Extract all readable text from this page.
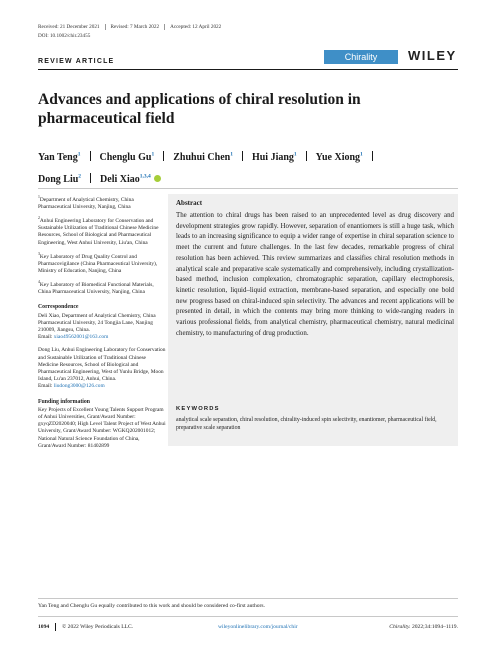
Received: 21 December 2021 Revised: 7 March 2022 Accepted: 12 April 2022
DOI: 10.1002/chir.23455
REVIEW ARTICLE	Chirality	WILEY
Advances and applications of chiral resolution in pharmaceutical field
Yan Teng$^1$ Chenglu Gu$^1$ Zhuhui Chen$^1$ Hui Jiang$^1$ Yue Xiong$^1$
Dong Liu$^2$ Deli Xiao$^{1,3,4}$
$^1$Department of Analytical Chemistry, China Pharmaceutical University, Nanjing, China
$^2$Anhui Engineering Laboratory for Conservation and Sustainable Utilization of Traditional Chinese Medicine Resources, School of Biological and Pharmaceutical Engineering, West Anhui University, Liu'an, China
$^3$Key Laboratory of Drug Quality Control and Pharmacovigilance (China Pharmaceutical University), Ministry of Education, Nanjing, China
$^4$Key Laboratory of Biomedical Functional Materials, China Pharmaceutical University, Nanjing, China
Correspondence
Deli Xiao, Department of Analytical Chemistry, China Pharmaceutical University, 24 Tongjia Lane, Nanjing 210009, Jiangsu, China.
Email: xiao49562001@163.com
Dong Liu, Anhui Engineering Laboratory for Conservation and Sustainable Utilization of Traditional Chinese Medicine Resources, School of Biological and Pharmaceutical Engineering, West of Yunlu Bridge, Moon Island, Lu'an 237012, Anhui, China.
Email: liudong3000@126.com
Funding information
Key Projects of Excellent Young Talents Support Program of Anhui Universities, Grant/Award Number: gxyqZD2020040; High Level Talent Project of West Anhui University, Grant/Award Number: WGKQ202001012; National Natural Science Foundation of China, Grant/Award Number: 81402899
Abstract
The attention to chiral drugs has been raised to an unprecedented level as drug discovery and development strategies grow rapidly. However, separation of enantiomers is still a huge task, which leads to an increasing significance to equip a wider range of expertise in chiral separation science to meet the current and future challenges. In the last few decades, remarkable progress of chiral resolution has been achieved. This review summarizes and classifies chiral resolution methods in analytical scale and preparative scale systematically and comprehensively, including crystallization-based method, inclusion complexation, chromatographic separation, capillary electrophoresis, kinetic resolution, liquid–liquid extraction, membrane-based separation, and especially one bold new progress based on chiral-induced spin selectivity. The advances and recent applications will be presented in detail, in which the contents may bring more thinking to wide-ranging readers in various professional fields, from analytical chemistry, pharmaceutical chemistry, natural medicinal chemistry, to manufacturing of drug production.
KEYWORDS
analytical scale separation, chiral resolution, chirality-induced spin selectivity, enantiomer, pharmaceutical field, preparative scale separation
Yan Teng and Chenglu Gu equally contributed to this work and should be considered co-first authors.
1094 © 2022 Wiley Periodicals LLC.	wileyonlinelibrary.com/journal/chir	Chirality. 2022;34:1094–1119.
